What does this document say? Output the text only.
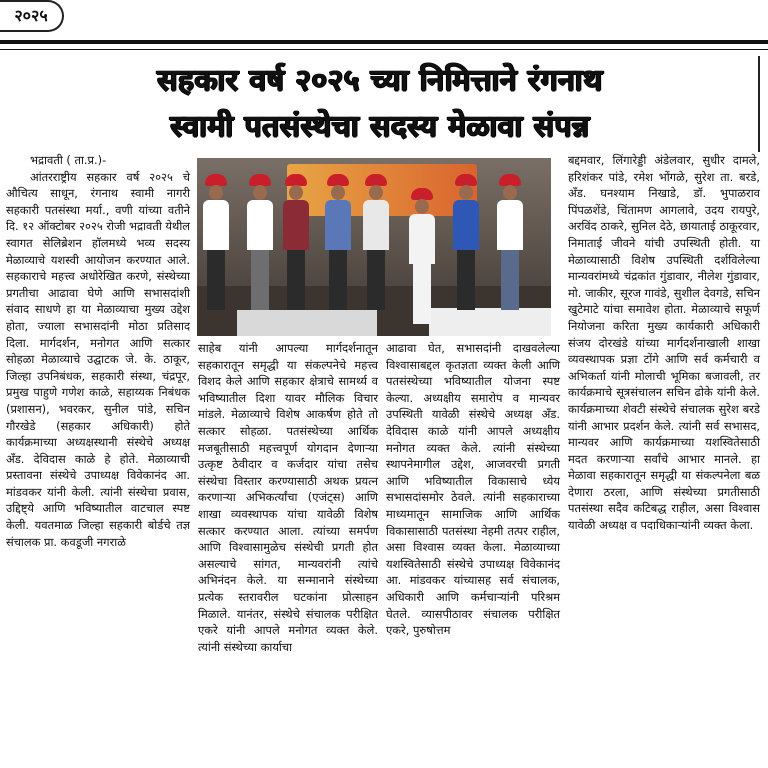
२०२५
सहकार वर्ष २०२५ च्या निमित्ताने रंगनाथ
स्वामी पतसंस्थेचा सदस्य मेळावा संपन्न

भद्रावती ( ता.प्र.)-

आंतरराष्ट्रीय सहकार वर्ष २०२५ चे औचित्य साधून, रंगनाथ स्वामी नागरी सहकारी पतसंस्था मर्या., वणी यांच्या वतीने दि. १२ ऑक्टोबर २०२५ रोजी भद्रावती येथील स्वागत सेलिब्रेशन हॉलमध्ये भव्य सदस्य मेळाव्याचे यशस्वी आयोजन करण्यात आले. सहकाराचे महत्त्व अधोरेखित करणे, संस्थेच्या प्रगतीचा आढावा घेणे आणि सभासदांशी संवाद साधणे हा या मेळाव्याचा मुख्य उद्देश होता, ज्याला सभासदांनी मोठा प्रतिसाद दिला. मार्गदर्शन, मनोगत आणि सत्कार सोहळा मेळाव्याचे उद्घाटक जे. के. ठाकूर, जिल्हा उपनिबंधक, सहकारी संस्था, चंद्रपूर, प्रमुख पाहुणे गणेश काळे, सहाय्यक निबंधक (प्रशासन), भवरकर, सुनील पांडे, सचिन गौरखेडे (सहकार अधिकारी) होते कार्यक्रमाच्या अध्यक्षस्थानी संस्थेचे अध्यक्ष अँड. देविदास काळे हे होते. मेळाव्याची प्रस्तावना संस्थेचे उपाध्यक्ष विवेकानंद आ. मांडवकर यांनी केली. त्यांनी संस्थेचा प्रवास, उद्दिष्ट्ये आणि भविष्यातील वाटचाल स्पष्ट केली. यवतमाळ जिल्हा सहकारी बोर्डचे तज्ञ संचालक प्रा. कवडूजी नगराळे

साहेब यांनी आपल्या मार्गदर्शनातून सहकारातून समृद्धी या संकल्पनेचे महत्त्व विशद केले आणि सहकार क्षेत्राचे सामर्थ्य व भविष्यातील दिशा यावर मौलिक विचार मांडले. मेळाव्याचे विशेष आकर्षण होते तो सत्कार सोहळा. पतसंस्थेच्या आर्थिक मजबूतीसाठी महत्त्वपूर्ण योगदान देणाऱ्या उत्कृष्ट ठेवीदार व कर्जदार यांचा तसेच संस्थेचा विस्तार करण्यासाठी अथक प्रयत्न करणाऱ्या अभिकर्त्यांचा (एजंट्स) आणि शाखा व्यवस्थापक यांचा यावेळी विशेष सत्कार करण्यात आला. त्यांच्या समर्पण आणि विश्वासामुळेच संस्थेची प्रगती होत असल्याचे सांगत, मान्यवरांनी त्यांचे अभिनंदन केले. या सन्मानाने संस्थेच्या प्रत्येक स्तरावरील घटकांना प्रोत्साहन मिळाले. यानंतर, संस्थेचे संचालक परीक्षित एकरे यांनी आपले मनोगत व्यक्त केले. त्यांनी संस्थेच्या कार्याचा

आढावा घेत, सभासदांनी दाखवलेल्या विश्वासाबद्दल कृतज्ञता व्यक्त केली आणि पतसंस्थेच्या भविष्यातील योजना स्पष्ट केल्या. अध्यक्षीय समारोप व मान्यवर उपस्थिती यावेळी संस्थेचे अध्यक्ष अँड. देविदास काळे यांनी आपले अध्यक्षीय मनोगत व्यक्त केले. त्यांनी संस्थेच्या स्थापनेमागील उद्देश, आजवरची प्रगती आणि भविष्यातील विकासाचे ध्येय सभासदांसमोर ठेवले. त्यांनी सहकाराच्या माध्यमातून सामाजिक आणि आर्थिक विकासासाठी पतसंस्था नेहमी तत्पर राहील, असा विश्वास व्यक्त केला. मेळाव्याच्या यशस्वितेसाठी संस्थेचे उपाध्यक्ष विवेकानंद आ. मांडवकर यांच्यासह सर्व संचालक, अधिकारी आणि कर्मचाऱ्यांनी परिश्रम घेतले. व्यासपीठावर संचालक परीक्षित एकरे, पुरुषोत्तम

बद्दमवार, लिंगारेड्डी अंडेलवार, सुधीर दामले, हरिशंकर पांडे, रमेश भोंगळे, सुरेश ता. बरडे, अँड. घनश्याम निखाडे, डॉ. भुपाळराव पिंपळशेंडे, चिंतामण आगलावे, उदय रायपुरे, अरविंद ठाकरे, सुनिल देठे, छायाताई ठाकूरवार, निमाताई जीवने यांची उपस्थिती होती. या मेळाव्यासाठी विशेष उपस्थिती दर्शविलेल्या मान्यवरांमध्ये चंद्रकांत गुंडावार, नीलेश गुंडावार, मो. जाकीर, सूरज गावंडे, सुशील देवगडे, सचिन खुटेमाटे यांचा समावेश होता. मेळाव्याचे सफूर्ण नियोजना करिता मुख्य कार्यकारी अधिकारी संजय दोरखंडे यांच्या मार्गदर्शनाखाली शाखा व्यवस्थापक प्रज्ञा टोंगे आणि सर्व कर्मचारी व अभिकर्ता यांनी मोलाची भूमिका बजावली, तर कार्यक्रमाचे सूत्रसंचालन सचिन ढोके यांनी केले. कार्यक्रमाच्या शेवटी संस्थेचे संचालक सुरेश बरडे यांनी आभार प्रदर्शन केले. त्यांनी सर्व सभासद, मान्यवर आणि कार्यक्रमाच्या यशस्वितेसाठी मदत करणाऱ्या सर्वांचे आभार मानले. हा मेळावा सहकारातून समृद्धी या संकल्पनेला बळ देणारा ठरला, आणि संस्थेच्या प्रगतीसाठी पतसंस्था सदैव कटिबद्ध राहील, असा विश्वास यावेळी अध्यक्ष व पदाधिकाऱ्यांनी व्यक्त केला.
